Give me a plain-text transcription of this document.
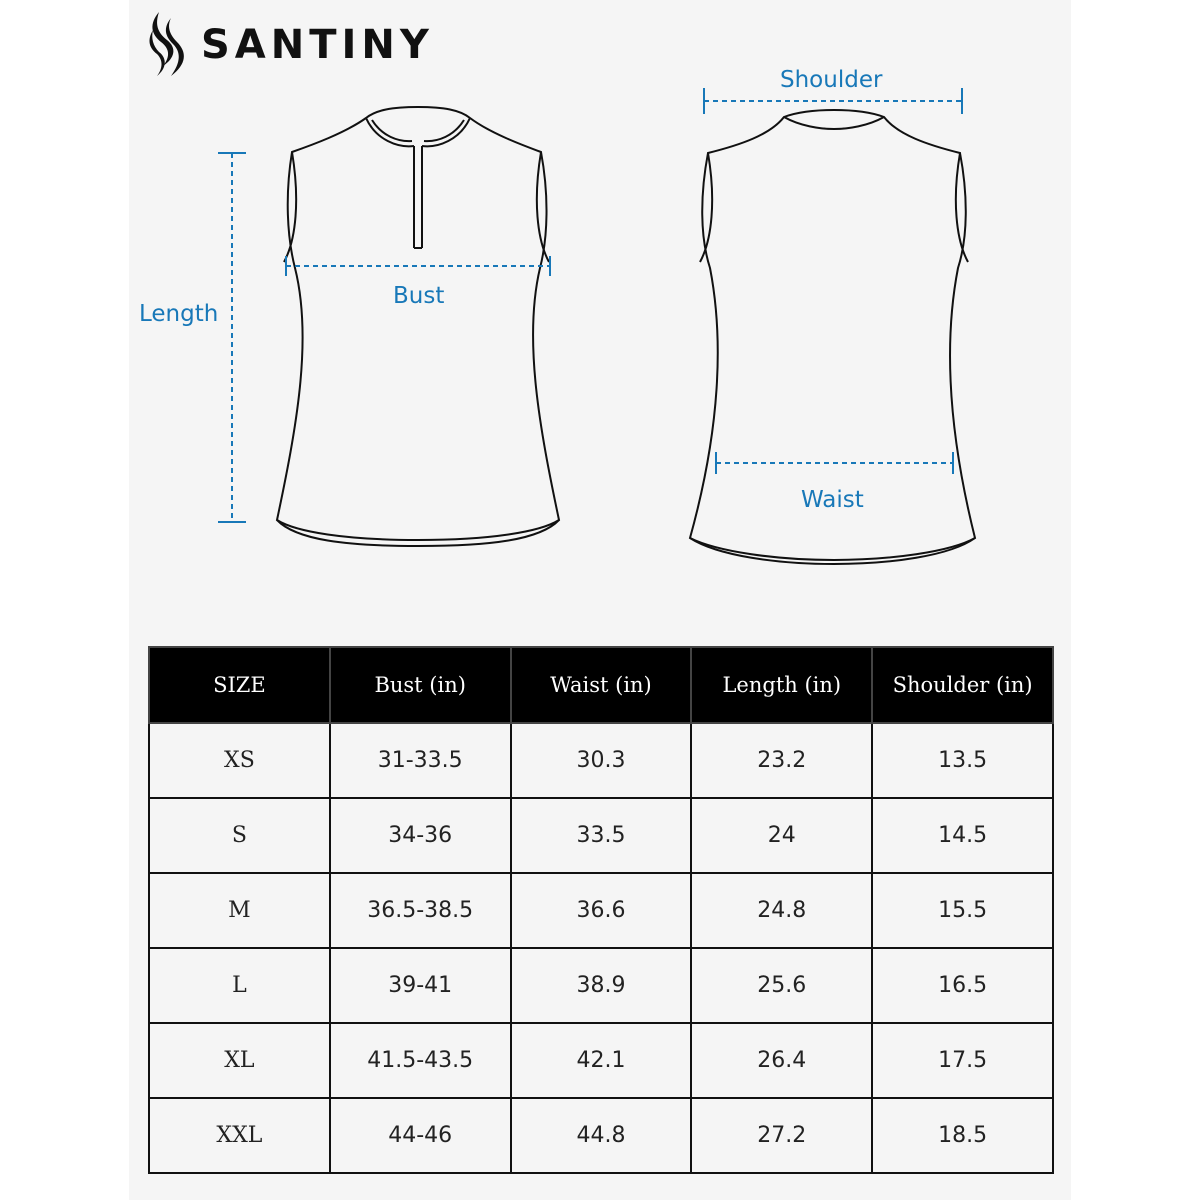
SANTINY
Length
Bust
Shoulder
Waist
SIZE	Bust (in)	Waist (in)	Length (in)	Shoulder (in)
XS	31-33.5	30.3	23.2	13.5
S	34-36	33.5	24	14.5
M	36.5-38.5	36.6	24.8	15.5
L	39-41	38.9	25.6	16.5
XL	41.5-43.5	42.1	26.4	17.5
XXL	44-46	44.8	27.2	18.5
